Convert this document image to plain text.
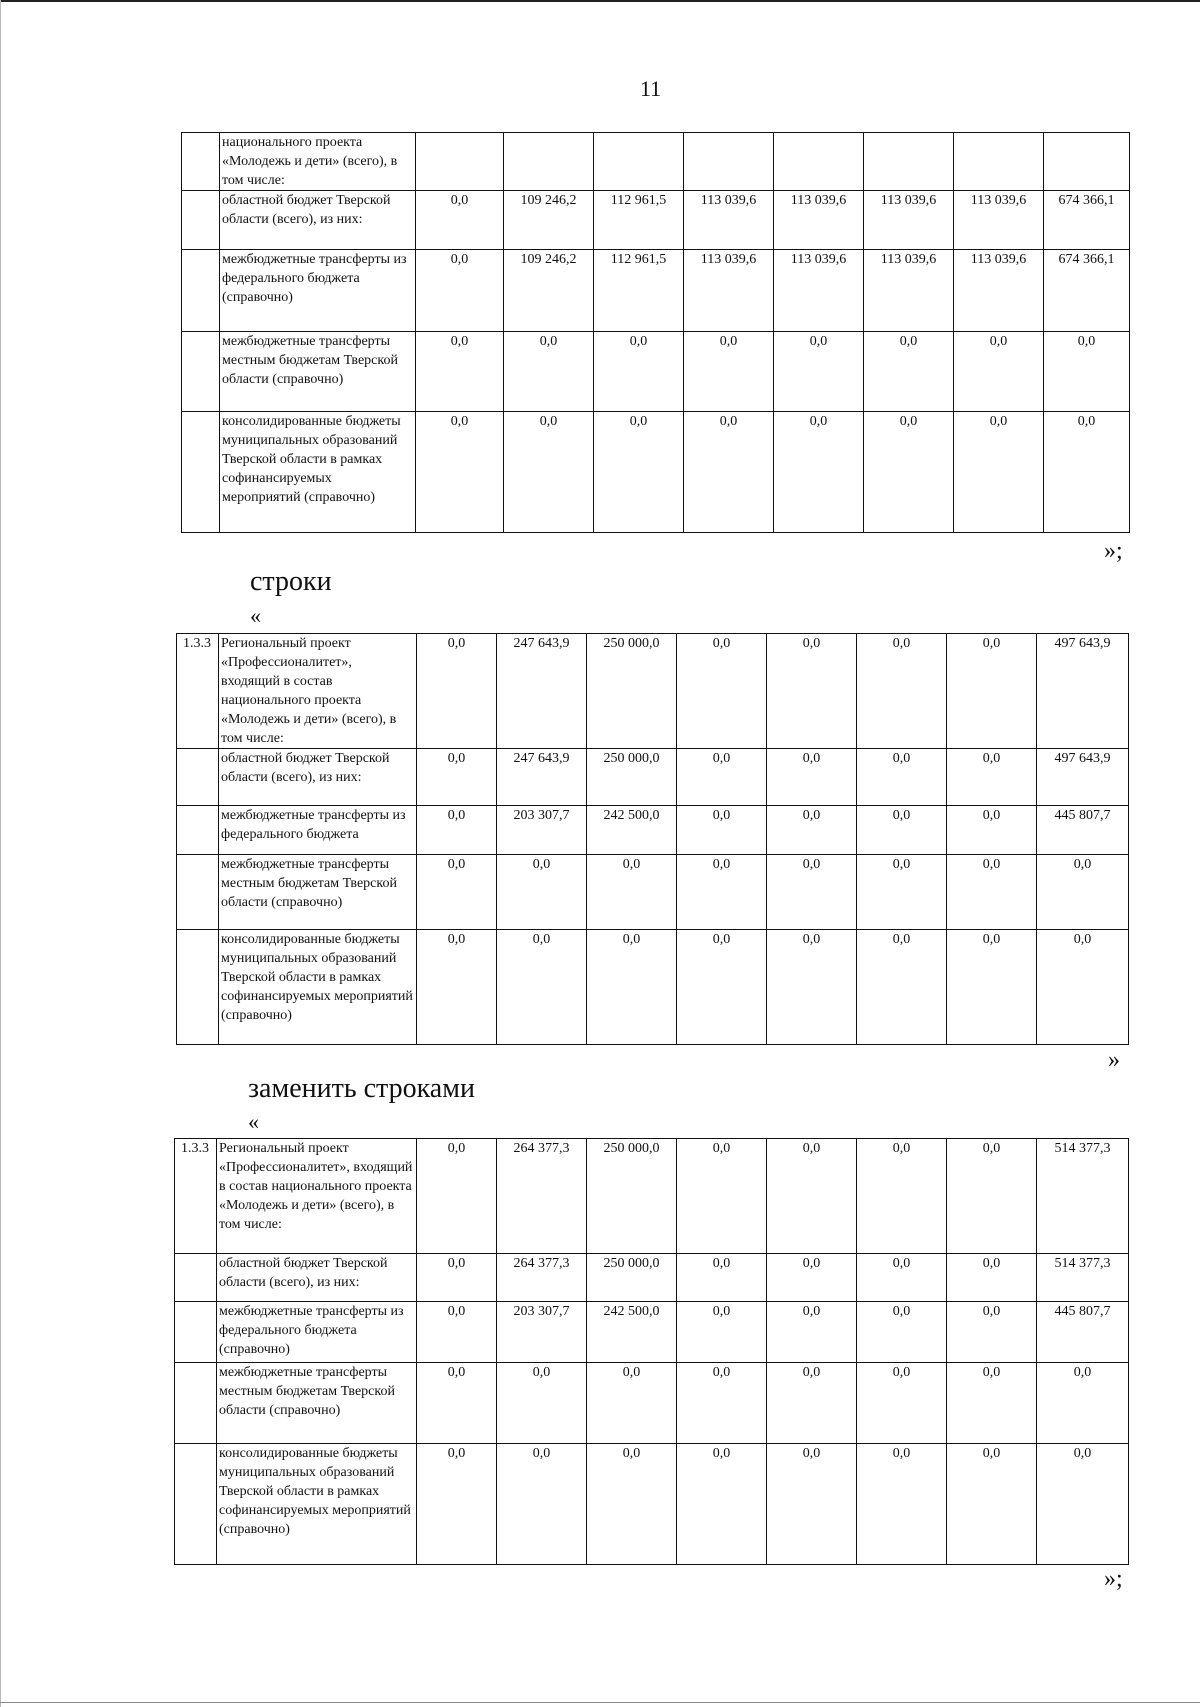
11
	национального проекта «Молодежь и дети» (всего), в том числе:								
	областной бюджет Тверской области (всего), из них:	0,0	109 246,2	112 961,5	113 039,6	113 039,6	113 039,6	113 039,6	674 366,1
	межбюджетные трансферты из федерального бюджета (справочно)	0,0	109 246,2	112 961,5	113 039,6	113 039,6	113 039,6	113 039,6	674 366,1
	межбюджетные трансферты местным бюджетам Тверской области (справочно)	0,0	0,0	0,0	0,0	0,0	0,0	0,0	0,0
	консолидированные бюджеты муниципальных образований Тверской области в рамках софинансируемых мероприятий (справочно)	0,0	0,0	0,0	0,0	0,0	0,0	0,0	0,0
»;
строки
«
1.3.3	Региональный проект «Профессионалитет», входящий в состав национального проекта «Молодежь и дети» (всего), в том числе:	0,0	247 643,9	250 000,0	0,0	0,0	0,0	0,0	497 643,9
	областной бюджет Тверской области (всего), из них:	0,0	247 643,9	250 000,0	0,0	0,0	0,0	0,0	497 643,9
	межбюджетные трансферты из федерального бюджета	0,0	203 307,7	242 500,0	0,0	0,0	0,0	0,0	445 807,7
	межбюджетные трансферты местным бюджетам Тверской области (справочно)	0,0	0,0	0,0	0,0	0,0	0,0	0,0	0,0
	консолидированные бюджеты муниципальных образований Тверской области в рамках софинансируемых мероприятий (справочно)	0,0	0,0	0,0	0,0	0,0	0,0	0,0	0,0
»
заменить строками
«
1.3.3	Региональный проект «Профессионалитет», входящий в состав национального проекта «Молодежь и дети» (всего), в том числе:	0,0	264 377,3	250 000,0	0,0	0,0	0,0	0,0	514 377,3
	областной бюджет Тверской области (всего), из них:	0,0	264 377,3	250 000,0	0,0	0,0	0,0	0,0	514 377,3
	межбюджетные трансферты из федерального бюджета (справочно)	0,0	203 307,7	242 500,0	0,0	0,0	0,0	0,0	445 807,7
	межбюджетные трансферты местным бюджетам Тверской области (справочно)	0,0	0,0	0,0	0,0	0,0	0,0	0,0	0,0
	консолидированные бюджеты муниципальных образований Тверской области в рамках софинансируемых мероприятий (справочно)	0,0	0,0	0,0	0,0	0,0	0,0	0,0	0,0
»;
